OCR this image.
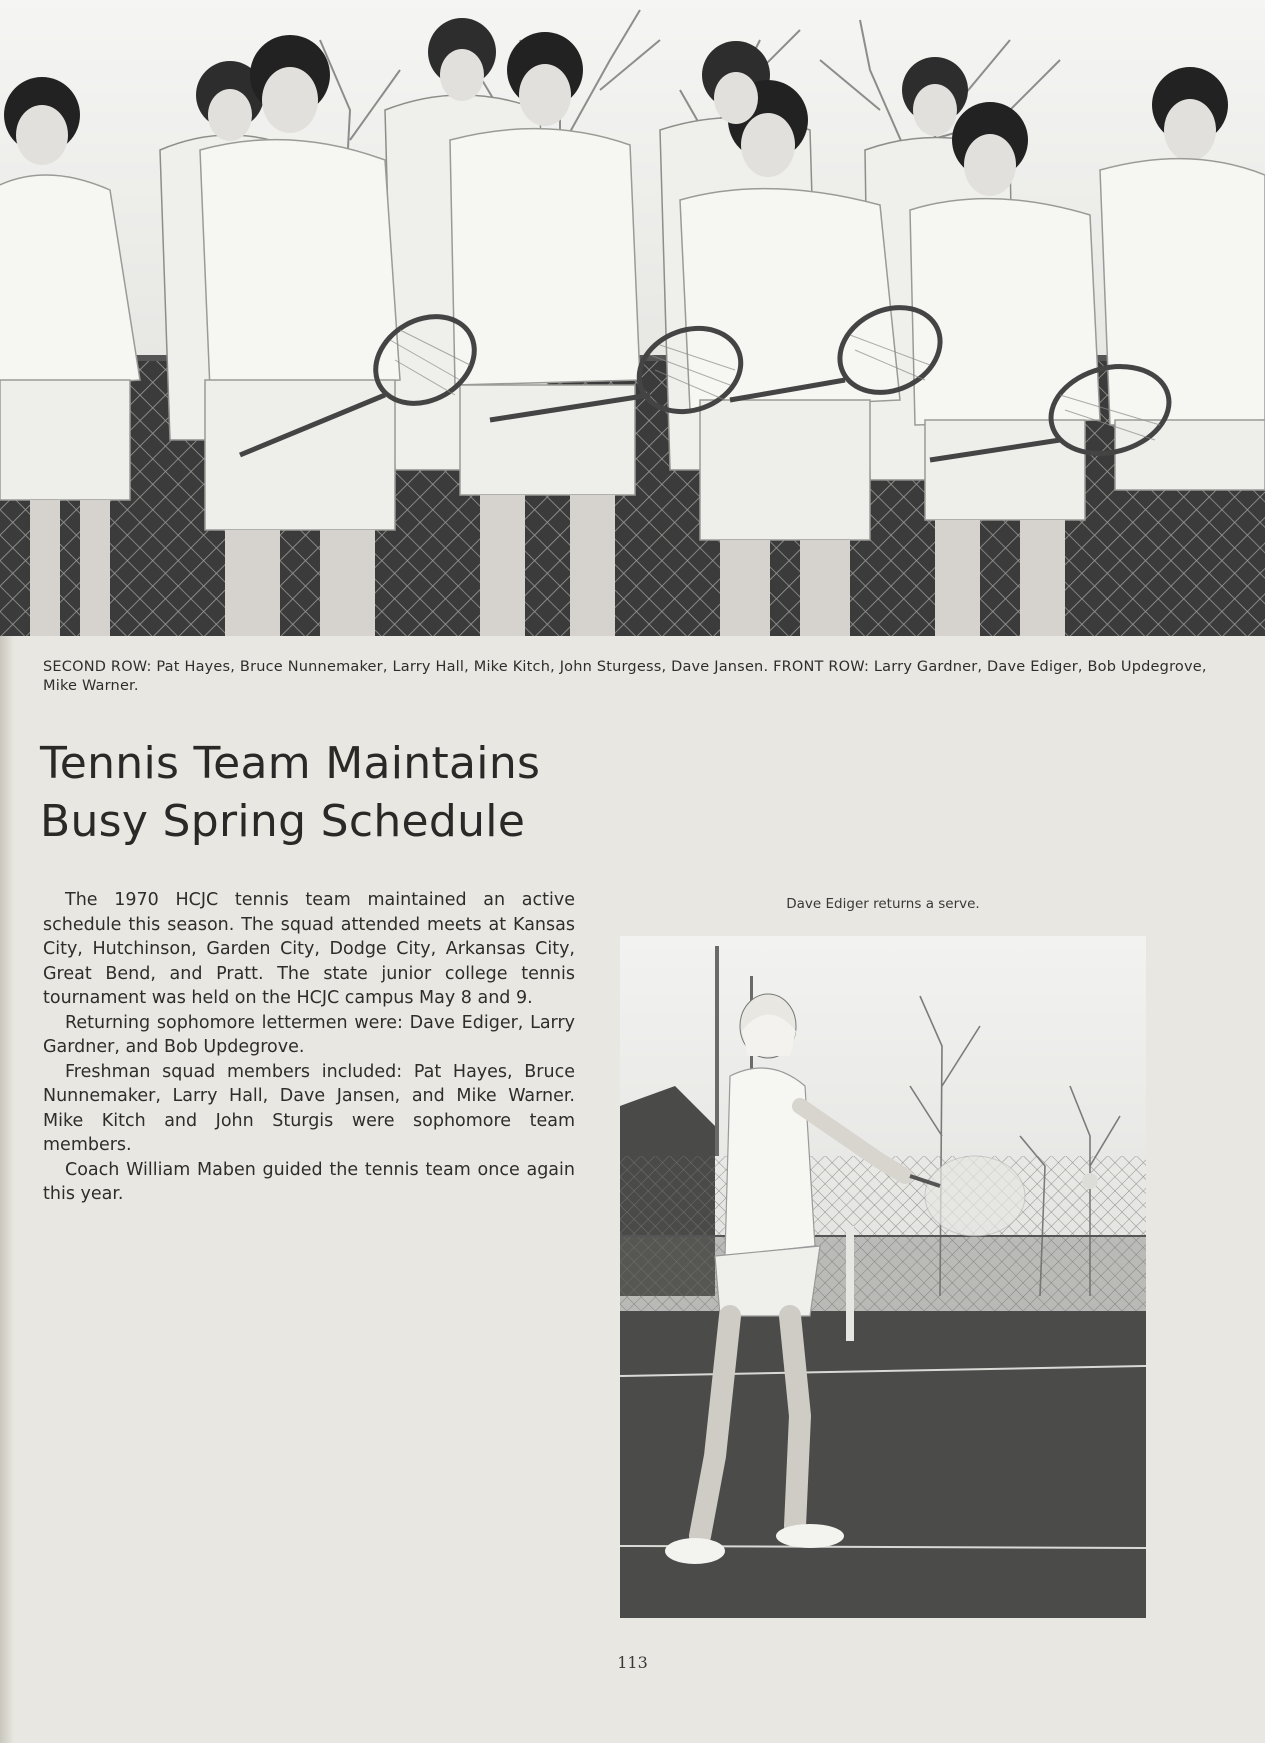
SECOND ROW: Pat Hayes, Bruce Nunnemaker, Larry Hall, Mike Kitch, John Sturgess, Dave Jansen. FRONT ROW: Larry Gardner, Dave Ediger, Bob Updegrove, Mike Warner.
Tennis Team Maintains
Busy Spring Schedule

The 1970 HCJC tennis team maintained an active schedule this season. The squad attended meets at Kansas City, Hutchinson, Garden City, Dodge City, Arkansas City, Great Bend, and Pratt. The state junior college tennis tournament was held on the HCJC campus May 8 and 9.

Returning sophomore lettermen were: Dave Ediger, Larry Gardner, and Bob Updegrove.

Freshman squad members included: Pat Hayes, Bruce Nunnemaker, Larry Hall, Dave Jansen, and Mike Warner. Mike Kitch and John Sturgis were sophomore team members.

Coach William Maben guided the tennis team once again this year.

Dave Ediger returns a serve.
113
